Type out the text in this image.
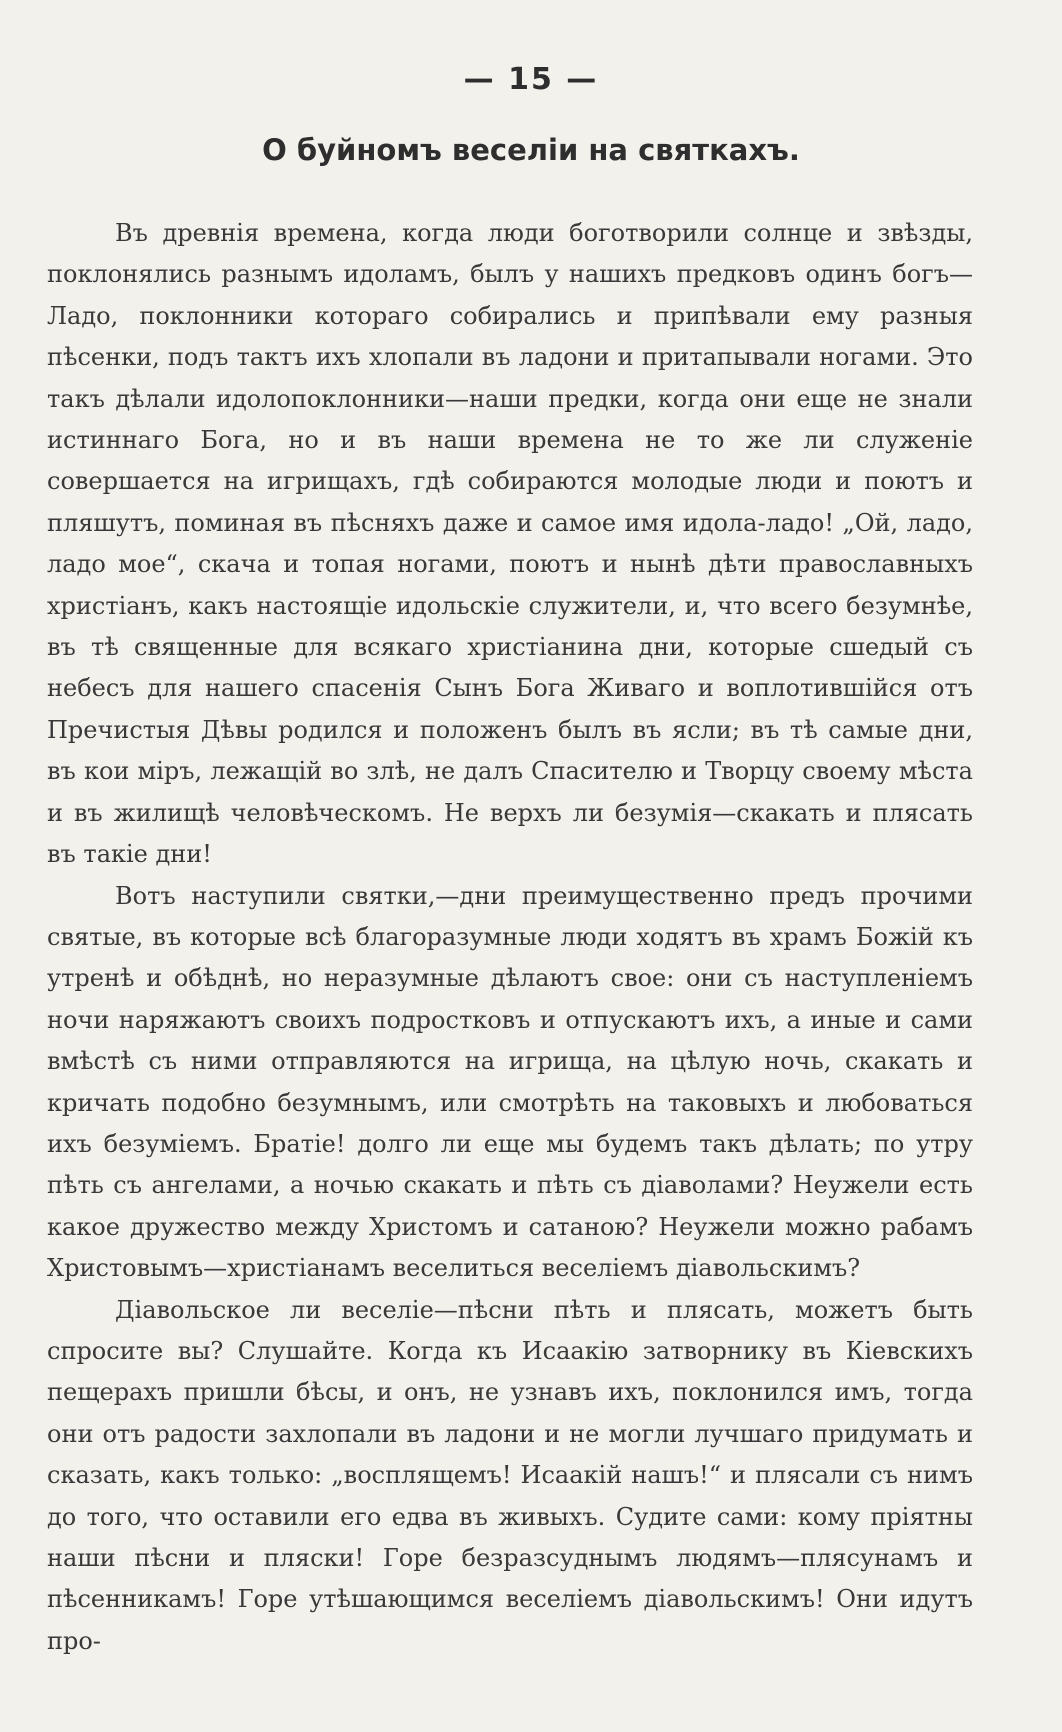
— 15 —
О буйномъ веселіи на святкахъ.

Въ древнія времена, когда люди боготворили солнце и звѣзды, поклонялись разнымъ идоламъ, былъ у нашихъ предковъ одинъ богъ—Ладо, поклонники котораго собирались и припѣвали ему разныя пѣсенки, подъ тактъ ихъ хлопали въ ладони и притапывали ногами. Это такъ дѣлали идолопоклонники—наши предки, когда они еще не знали истиннаго Бога, но и въ наши времена не то же ли служеніе совершается на игрищахъ, гдѣ собираются молодые люди и поютъ и пляшутъ, поминая въ пѣсняхъ даже и самое имя идола-ладо! „Ой, ладо, ладо мое“, скача и топая ногами, поютъ и нынѣ дѣти православныхъ христіанъ, какъ настоящіе идольскіе служители, и, что всего безумнѣе, въ тѣ священные для всякаго христіанина дни, которые сшедый съ небесъ для нашего спасенія Сынъ Бога Живаго и воплотившійся отъ Пречистыя Дѣвы родился и положенъ былъ въ ясли; въ тѣ самые дни, въ кои міръ, лежащій во злѣ, не далъ Спасителю и Творцу своему мѣста и въ жилищѣ человѣческомъ. Не верхъ ли безумія—скакать и плясать въ такіе дни!

Вотъ наступили святки,—дни преимущественно предъ прочими святые, въ которые всѣ благоразумные люди ходятъ въ храмъ Божій къ утренѣ и обѣднѣ, но неразумные дѣлаютъ свое: они съ наступленіемъ ночи наряжаютъ своихъ подростковъ и отпускаютъ ихъ, а иные и сами вмѣстѣ съ ними отправляются на игрища, на цѣлую ночь, скакать и кричать подобно безумнымъ, или смотрѣть на таковыхъ и любоваться ихъ безуміемъ. Братіе! долго ли еще мы будемъ такъ дѣлать; по утру пѣть съ ангелами, а ночью скакать и пѣть съ діаволами? Неужели есть какое дружество между Христомъ и сатаною? Неужели можно рабамъ Христовымъ—христіанамъ веселиться веселіемъ діавольскимъ?

Діавольское ли веселіе—пѣсни пѣть и плясать, можетъ быть спросите вы? Слушайте. Когда къ Исаакію затворнику въ Кіевскихъ пещерахъ пришли бѣсы, и онъ, не узнавъ ихъ, поклонился имъ, тогда они отъ радости захлопали въ ладони и не могли лучшаго придумать и сказать, какъ только: „восплящемъ! Исаакій нашъ!“ и плясали съ нимъ до того, что оставили его едва въ живыхъ. Судите сами: кому пріятны наши пѣсни и пляски! Горе безразсуднымъ людямъ—плясунамъ и пѣсенникамъ! Горе утѣшающимся веселіемъ діавольскимъ! Они идутъ про-
